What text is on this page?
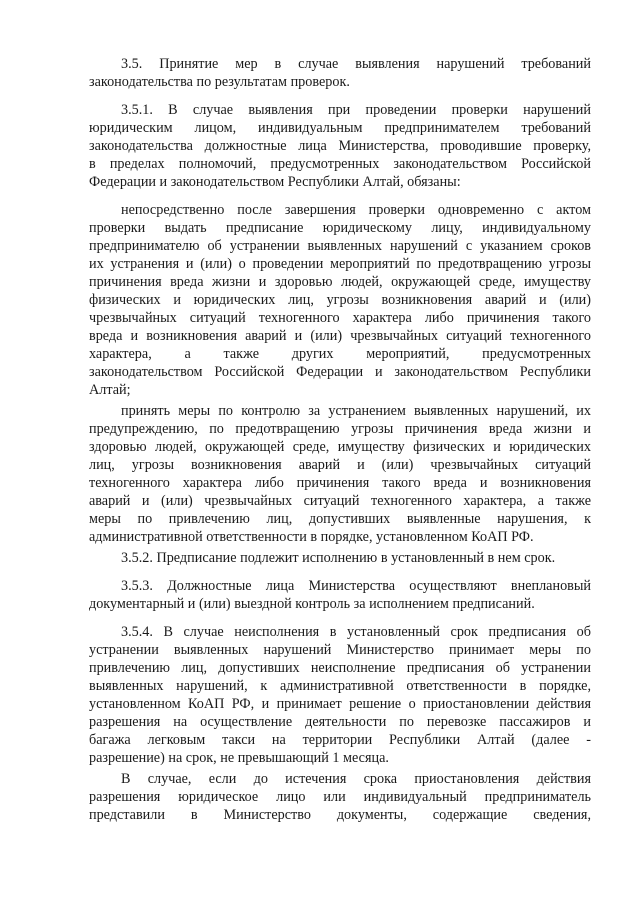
3.5. Принятие мер в случае выявления нарушений требований
законодательства по результатам проверок.
3.5.1. В случае выявления при проведении проверки нарушений
юридическим лицом, индивидуальным предпринимателем требований
законодательства должностные лица Министерства, проводившие проверку,
в пределах полномочий, предусмотренных законодательством Российской
Федерации и законодательством Республики Алтай, обязаны:
непосредственно после завершения проверки одновременно с актом
проверки выдать предписание юридическому лицу, индивидуальному
предпринимателю об устранении выявленных нарушений с указанием сроков
их устранения и (или) о проведении мероприятий по предотвращению угрозы
причинения вреда жизни и здоровью людей, окружающей среде, имуществу
физических и юридических лиц, угрозы возникновения аварий и (или)
чрезвычайных ситуаций техногенного характера либо причинения такого
вреда и возникновения аварий и (или) чрезвычайных ситуаций техногенного
характера, а также других мероприятий, предусмотренных
законодательством Российской Федерации и законодательством Республики
Алтай;
принять меры по контролю за устранением выявленных нарушений, их
предупреждению, по предотвращению угрозы причинения вреда жизни и
здоровью людей, окружающей среде, имуществу физических и юридических
лиц, угрозы возникновения аварий и (или) чрезвычайных ситуаций
техногенного характера либо причинения такого вреда и возникновения
аварий и (или) чрезвычайных ситуаций техногенного характера, а также
меры по привлечению лиц, допустивших выявленные нарушения, к
административной ответственности в порядке, установленном КоАП РФ.
3.5.2. Предписание подлежит исполнению в установленный в нем срок.
3.5.3. Должностные лица Министерства осуществляют внеплановый
документарный и (или) выездной контроль за исполнением предписаний.
3.5.4. В случае неисполнения в установленный срок предписания об
устранении выявленных нарушений Министерство принимает меры по
привлечению лиц, допустивших неисполнение предписания об устранении
выявленных нарушений, к административной ответственности в порядке,
установленном КоАП РФ, и принимает решение о приостановлении действия
разрешения на осуществление деятельности по перевозке пассажиров и
багажа легковым такси на территории Республики Алтай (далее -
разрешение) на срок, не превышающий 1 месяца.
В случае, если до истечения срока приостановления действия
разрешения юридическое лицо или индивидуальный предприниматель
представили в Министерство документы, содержащие сведения,
